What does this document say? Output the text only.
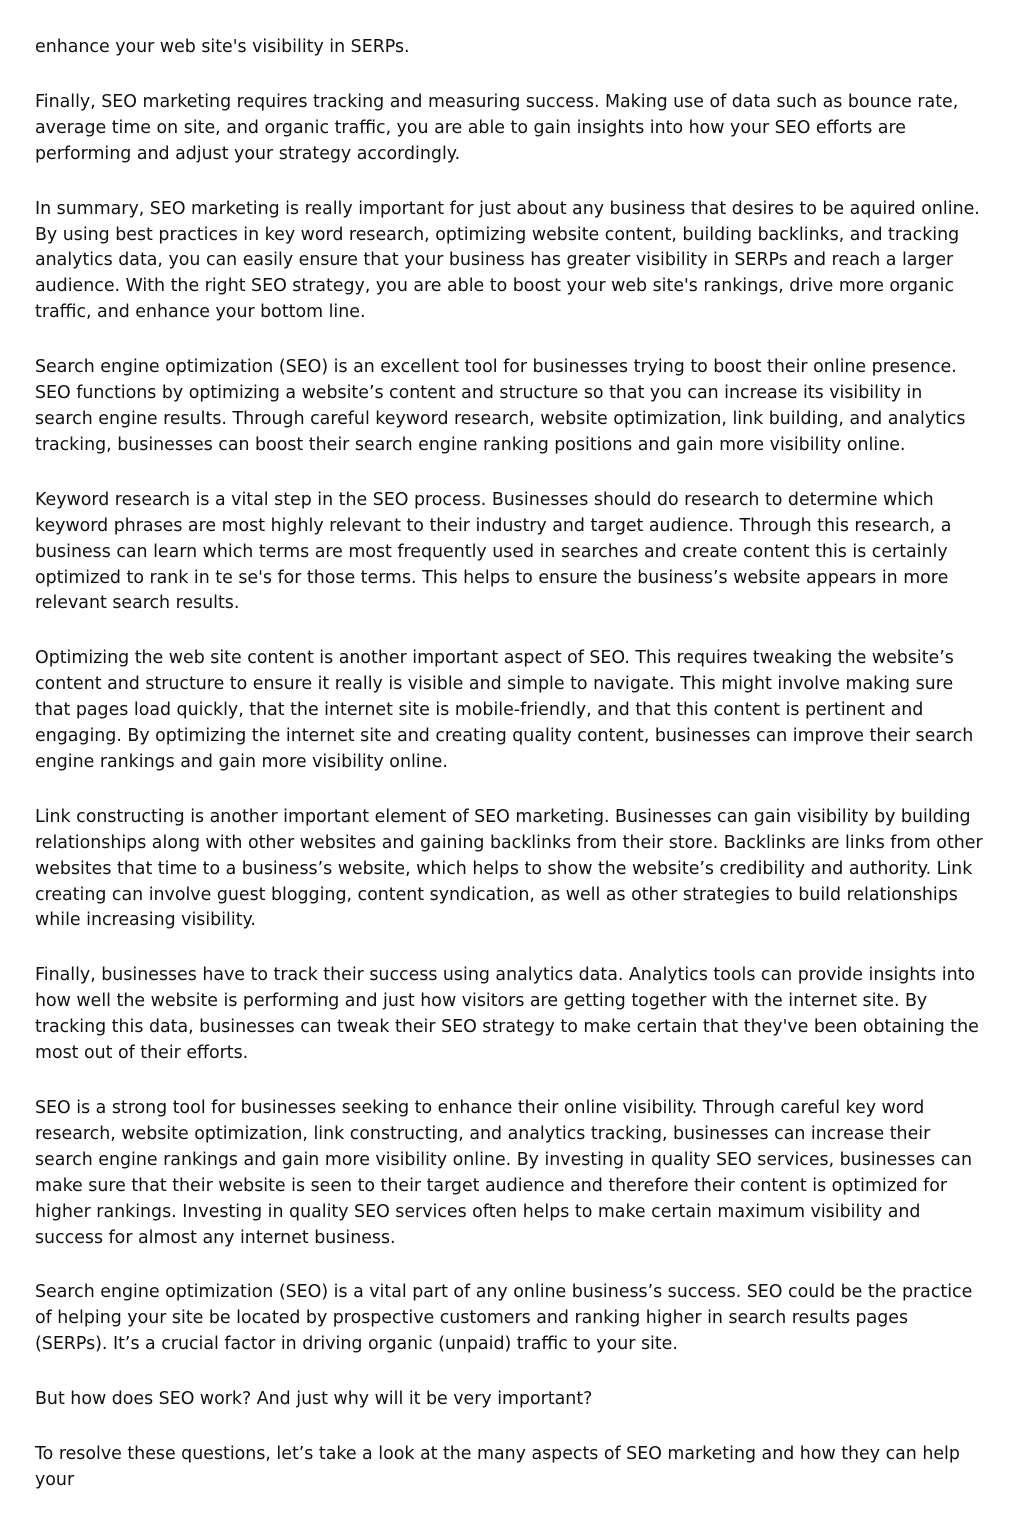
enhance your web site's visibility in SERPs.

Finally, SEO marketing requires tracking and measuring success. Making use of data such as bounce rate, average time on site, and organic traffic, you are able to gain insights into how your SEO efforts are performing and adjust your strategy accordingly.

In summary, SEO marketing is really important for just about any business that desires to be aquired online. By using best practices in key word research, optimizing website content, building backlinks, and tracking analytics data, you can easily ensure that your business has greater visibility in SERPs and reach a larger audience. With the right SEO strategy, you are able to boost your web site's rankings, drive more organic traffic, and enhance your bottom line.

Search engine optimization (SEO) is an excellent tool for businesses trying to boost their online presence. SEO functions by optimizing a website’s content and structure so that you can increase its visibility in search engine results. Through careful keyword research, website optimization, link building, and analytics tracking, businesses can boost their search engine ranking positions and gain more visibility online.

Keyword research is a vital step in the SEO process. Businesses should do research to determine which keyword phrases are most highly relevant to their industry and target audience. Through this research, a business can learn which terms are most frequently used in searches and create content this is certainly optimized to rank in te se's for those terms. This helps to ensure the business’s website appears in more relevant search results.

Optimizing the web site content is another important aspect of SEO. This requires tweaking the website’s content and structure to ensure it really is visible and simple to navigate. This might involve making sure that pages load quickly, that the internet site is mobile-friendly, and that this content is pertinent and engaging. By optimizing the internet site and creating quality content, businesses can improve their search engine rankings and gain more visibility online.

Link constructing is another important element of SEO marketing. Businesses can gain visibility by building relationships along with other websites and gaining backlinks from their store. Backlinks are links from other websites that time to a business’s website, which helps to show the website’s credibility and authority. Link creating can involve guest blogging, content syndication, as well as other strategies to build relationships while increasing visibility.

Finally, businesses have to track their success using analytics data. Analytics tools can provide insights into how well the website is performing and just how visitors are getting together with the internet site. By tracking this data, businesses can tweak their SEO strategy to make certain that they've been obtaining the most out of their efforts.

SEO is a strong tool for businesses seeking to enhance their online visibility. Through careful key word research, website optimization, link constructing, and analytics tracking, businesses can increase their search engine rankings and gain more visibility online. By investing in quality SEO services, businesses can make sure that their website is seen to their target audience and therefore their content is optimized for higher rankings. Investing in quality SEO services often helps to make certain maximum visibility and success for almost any internet business.

Search engine optimization (SEO) is a vital part of any online business’s success. SEO could be the practice of helping your site be located by prospective customers and ranking higher in search results pages (SERPs). It’s a crucial factor in driving organic (unpaid) traffic to your site.

But how does SEO work? And just why will it be very important?

To resolve these questions, let’s take a look at the many aspects of SEO marketing and how they can help your
